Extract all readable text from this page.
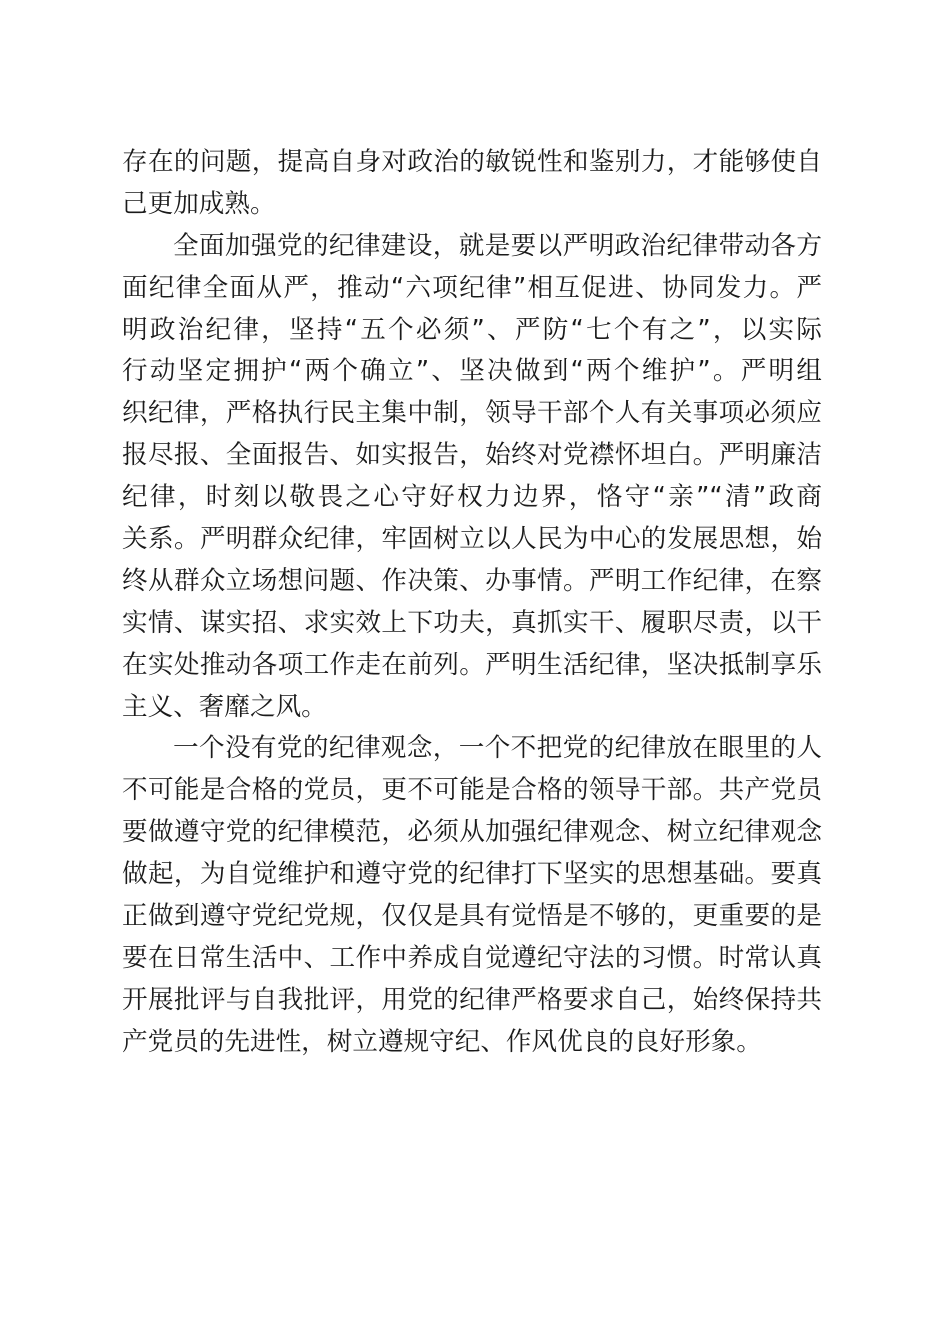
存在的问题，提高自身对政治的敏锐性和鉴别力，才能够使自
己更加成熟。
全面加强党的纪律建设，就是要以严明政治纪律带动各方
面纪律全面从严，推动“六项纪律”相互促进、协同发力。严
明政治纪律，坚持“五个必须”、严防“七个有之”，以实际
行动坚定拥护“两个确立”、坚决做到“两个维护”。严明组
织纪律，严格执行民主集中制，领导干部个人有关事项必须应
报尽报、全面报告、如实报告，始终对党襟怀坦白。严明廉洁
纪律，时刻以敬畏之心守好权力边界，恪守“亲”“清”政商
关系。严明群众纪律，牢固树立以人民为中心的发展思想，始
终从群众立场想问题、作决策、办事情。严明工作纪律，在察
实情、谋实招、求实效上下功夫，真抓实干、履职尽责，以干
在实处推动各项工作走在前列。严明生活纪律，坚决抵制享乐
主义、奢靡之风。
一个没有党的纪律观念，一个不把党的纪律放在眼里的人
不可能是合格的党员，更不可能是合格的领导干部。共产党员
要做遵守党的纪律模范，必须从加强纪律观念、树立纪律观念
做起，为自觉维护和遵守党的纪律打下坚实的思想基础。要真
正做到遵守党纪党规，仅仅是具有觉悟是不够的，更重要的是
要在日常生活中、工作中养成自觉遵纪守法的习惯。时常认真
开展批评与自我批评，用党的纪律严格要求自己，始终保持共
产党员的先进性，树立遵规守纪、作风优良的良好形象。
